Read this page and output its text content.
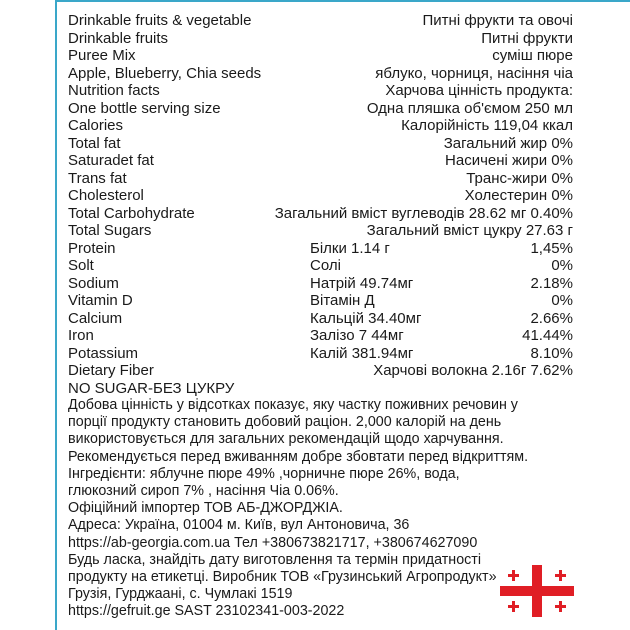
Drinkable fruits & vegetable	Питні фрукти та овочі
Drinkable fruits	Питні фрукти
Puree Mix	суміш пюре
Apple, Blueberry, Chia seeds	яблуко, чорниця, насіння чіа
Nutrition facts	Харчова цінність продукта:
One bottle serving size	Одна пляшка об'ємом 250 мл
Calories	Калорійність 119,04 ккал
Total fat	Загальний жир 0%
Saturadet fat	Насичені жири 0%
Trans fat	Транс-жири 0%
Cholesterol	Холестерин 0%
Total Carbohydrate	Загальний вміст вуглеводів 28.62 мг 0.40%
Total Sugars	Загальний вміст цукру 27.63 г
Protein	Білки 1.14 г	1,45%
Solt	Солі	0%
Sodium	Натрій 49.74мг	2.18%
Vitamin D	Вітамін Д	0%
Calcium	Кальцій 34.40мг	2.66%
Iron	Залізо 7 44мг	41.44%
Potassium	Калій 381.94мг	8.10%
Dietary Fiber	Харчові волокна 2.16г 7.62%
NO SUGAR-БЕЗ ЦУКРУ

Добова цінність у відсотках показує, яку частку поживних речовин у
порції продукту становить добовий раціон. 2,000 калорій на день
використовується для загальних рекомендацій щодо харчування.
Рекомендується перед вживанням добре збовтати перед відкриттям.
Інгредієнти: яблучне пюре 49% ,чорничне пюре 26%, вода,
глюкозний сироп 7% , насіння Чіа 0.06%.
Офіційний імпортер ТОВ АБ-ДЖОРДЖІА.
Адреса: Україна, 01004 м. Київ, вул Антоновича, 36
https://ab-georgia.com.ua Тел +380673821717, +380674627090
Будь ласка, знайдіть дату виготовлення та термін придатності
продукту на етикетці. Виробник ТОВ «Грузинський Агропродукт»
Грузія, Гурджаані, с. Чумлакі 1519
https://gefruit.ge SAST 23102341-003-2022
